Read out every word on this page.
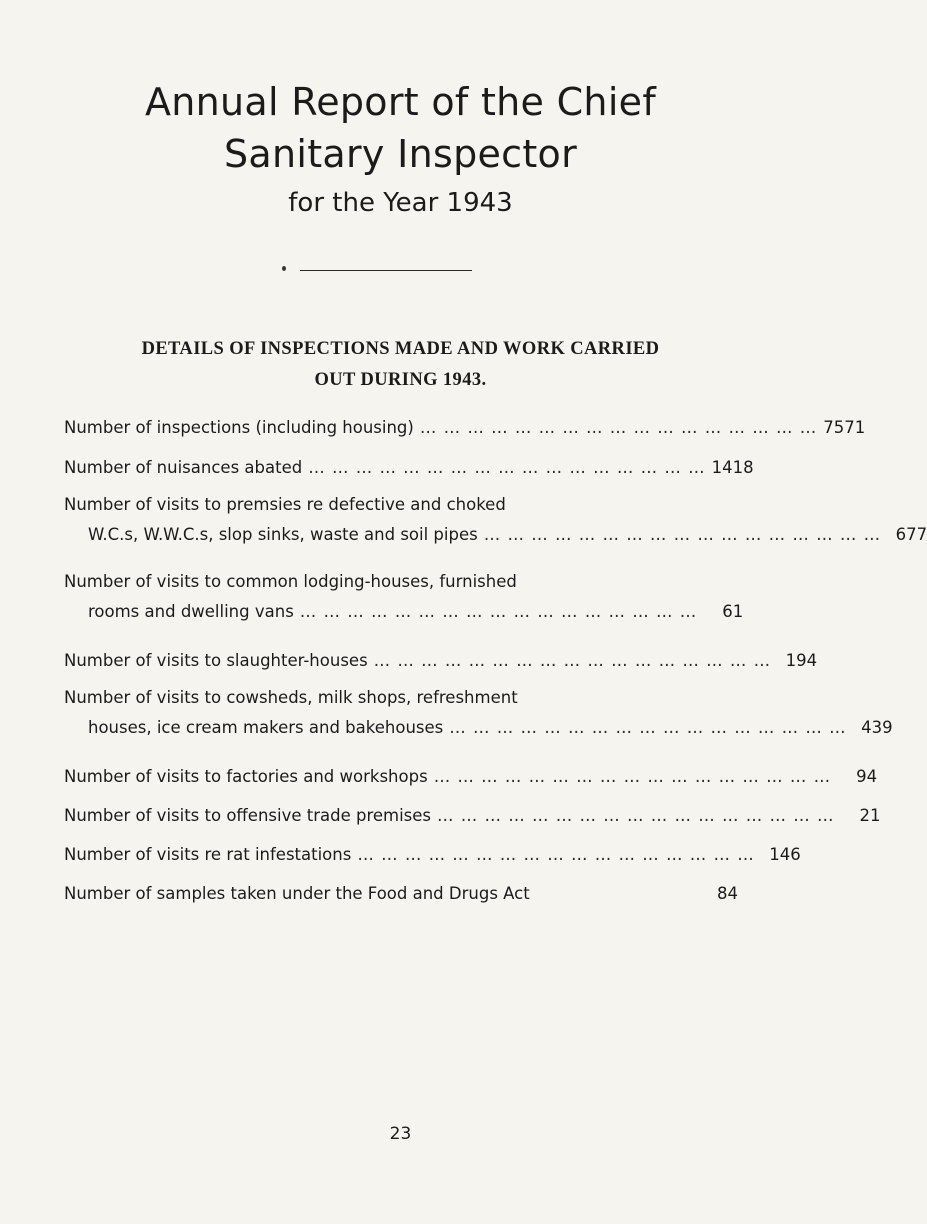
Annual Report of the Chief
Sanitary Inspector
for the Year 1943
DETAILS OF INSPECTIONS MADE AND WORK CARRIED
OUT DURING 1943.
Number of inspections (including housing) … … … … … … … … … … … … … … … … … 7571
Number of nuisances abated … … … … … … … … … … … … … … … … … 1418
Number of visits to premsies re defective and choked
W.C.s, W.W.C.s, slop sinks, waste and soil pipes … … … … … … … … … … … … … … … … … 677
Number of visits to common lodging-houses, furnished
rooms and dwelling vans … … … … … … … … … … … … … … … … …	61
Number of visits to slaughter-houses … … … … … … … … … … … … … … … … … 194
Number of visits to cowsheds, milk shops, refreshment
houses, ice cream makers and bakehouses … … … … … … … … … … … … … … … … … 439
Number of visits to factories and workshops … … … … … … … … … … … … … … … … …	94
Number of visits to offensive trade premises … … … … … … … … … … … … … … … … …	21
Number of visits re rat infestations … … … … … … … … … … … … … … … … … 146
Number of samples taken under the Food and Drugs Act	84
23
